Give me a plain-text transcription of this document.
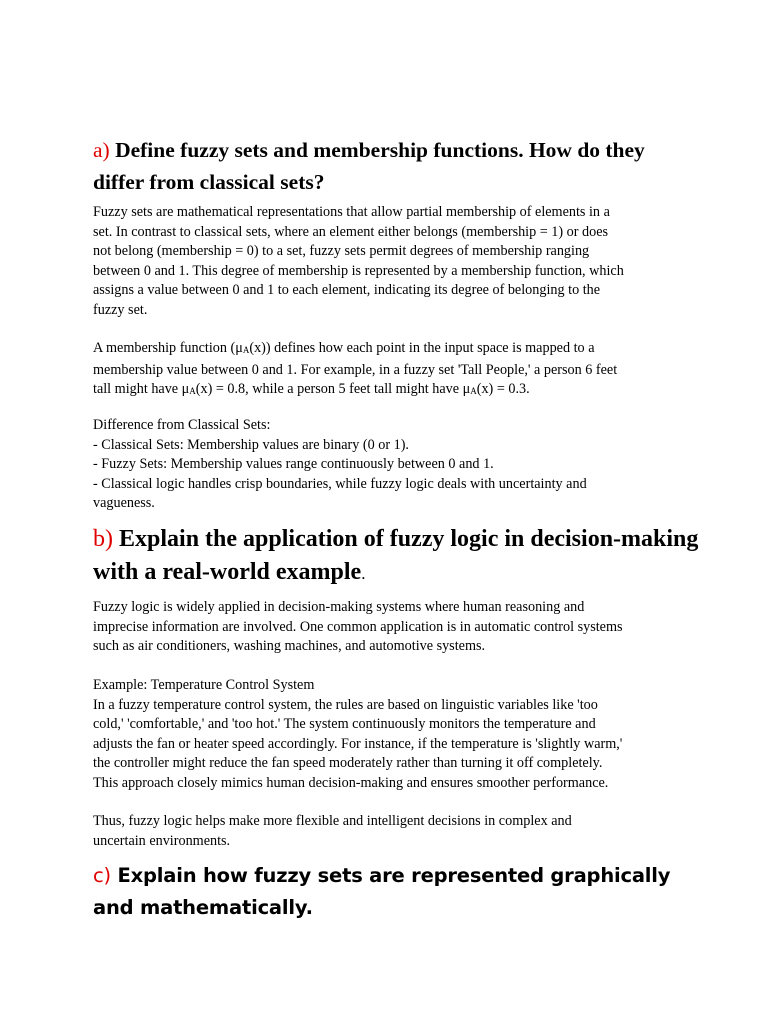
a) Define fuzzy sets and membership functions. How do they differ from classical sets?

Fuzzy sets are mathematical representations that allow partial membership of elements in a
set. In contrast to classical sets, where an element either belongs (membership = 1) or does
not belong (membership = 0) to a set, fuzzy sets permit degrees of membership ranging
between 0 and 1. This degree of membership is represented by a membership function, which
assigns a value between 0 and 1 to each element, indicating its degree of belonging to the
fuzzy set.

A membership function (μA(x)) defines how each point in the input space is mapped to a
membership value between 0 and 1. For example, in a fuzzy set 'Tall People,' a person 6 feet
tall might have μA(x) = 0.8, while a person 5 feet tall might have μA(x) = 0.3.

Difference from Classical Sets:
- Classical Sets: Membership values are binary (0 or 1).
- Fuzzy Sets: Membership values range continuously between 0 and 1.
- Classical logic handles crisp boundaries, while fuzzy logic deals with uncertainty and
vagueness.

b) Explain the application of fuzzy logic in decision-making with a real-world example.

Fuzzy logic is widely applied in decision-making systems where human reasoning and
imprecise information are involved. One common application is in automatic control systems
such as air conditioners, washing machines, and automotive systems.

Example: Temperature Control System
In a fuzzy temperature control system, the rules are based on linguistic variables like 'too
cold,' 'comfortable,' and 'too hot.' The system continuously monitors the temperature and
adjusts the fan or heater speed accordingly. For instance, if the temperature is 'slightly warm,'
the controller might reduce the fan speed moderately rather than turning it off completely.
This approach closely mimics human decision-making and ensures smoother performance.

Thus, fuzzy logic helps make more flexible and intelligent decisions in complex and
uncertain environments.

c) Explain how fuzzy sets are represented graphically and mathematically.
